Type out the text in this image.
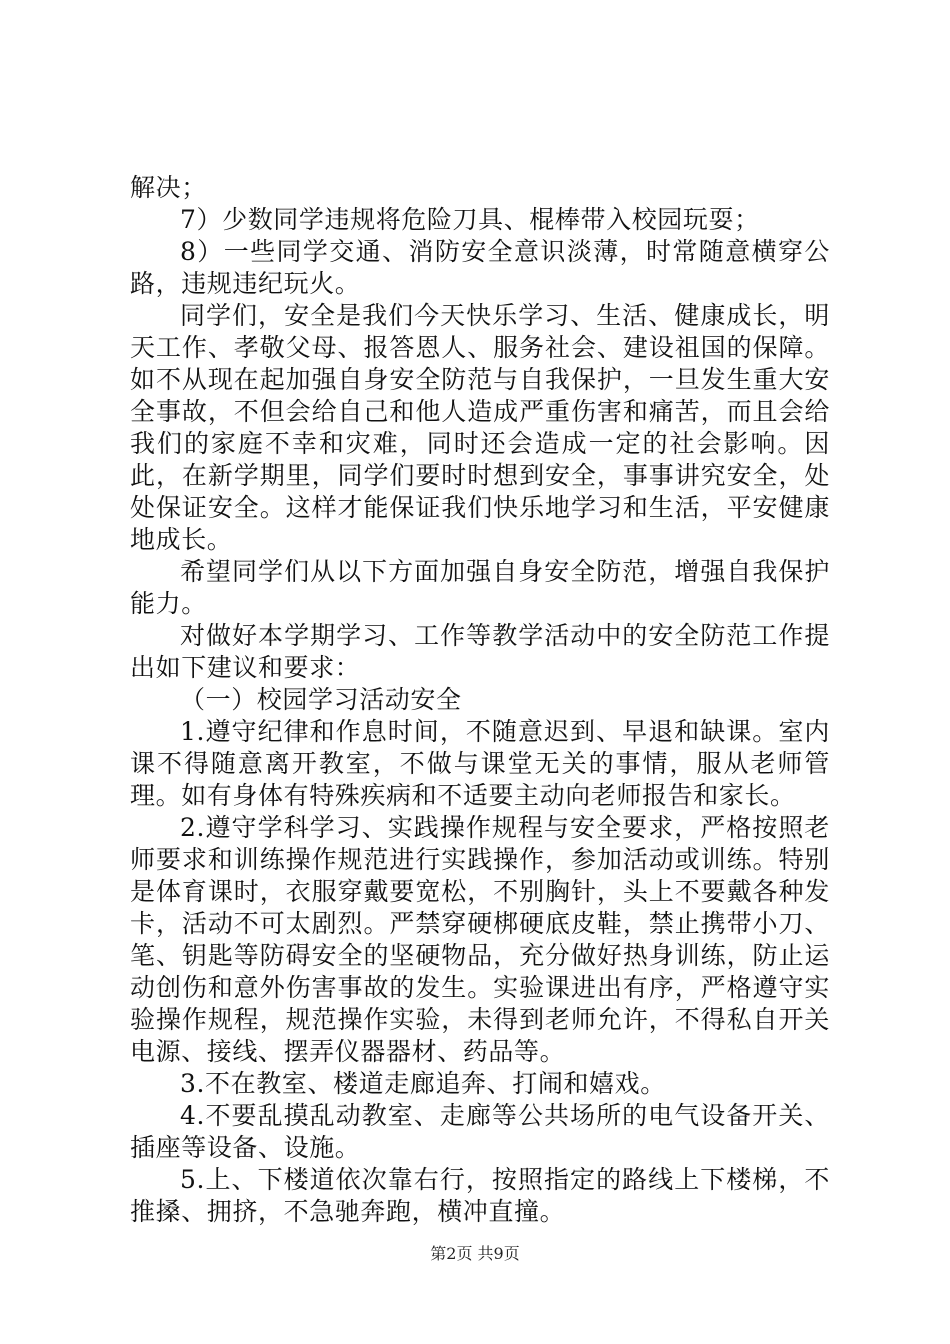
解决；

7）少数同学违规将危险刀具、棍棒带入校园玩耍；

8）一些同学交通、消防安全意识淡薄，时常随意横穿公路，违规违纪玩火。

同学们，安全是我们今天快乐学习、生活、健康成长，明天工作、孝敬父母、报答恩人、服务社会、建设祖国的保障。如不从现在起加强自身安全防范与自我保护，一旦发生重大安全事故，不但会给自己和他人造成严重伤害和痛苦，而且会给我们的家庭不幸和灾难，同时还会造成一定的社会影响。因此，在新学期里，同学们要时时想到安全，事事讲究安全，处处保证安全。这样才能保证我们快乐地学习和生活，平安健康地成长。

希望同学们从以下方面加强自身安全防范，增强自我保护能力。

对做好本学期学习、工作等教学活动中的安全防范工作提出如下建议和要求：

（一）校园学习活动安全

1.遵守纪律和作息时间，不随意迟到、早退和缺课。室内课不得随意离开教室，不做与课堂无关的事情，服从老师管理。如有身体有特殊疾病和不适要主动向老师报告和家长。

2.遵守学科学习、实践操作规程与安全要求，严格按照老师要求和训练操作规范进行实践操作，参加活动或训练。特别是体育课时，衣服穿戴要宽松，不别胸针，头上不要戴各种发卡，活动不可太剧烈。严禁穿硬梆硬底皮鞋，禁止携带小刀、笔、钥匙等防碍安全的坚硬物品，充分做好热身训练，防止运动创伤和意外伤害事故的发生。实验课进出有序，严格遵守实验操作规程，规范操作实验，未得到老师允许，不得私自开关电源、接线、摆弄仪器器材、药品等。

3.不在教室、楼道走廊追奔、打闹和嬉戏。

4.不要乱摸乱动教室、走廊等公共场所的电气设备开关、插座等设备、设施。

5.上、下楼道依次靠右行，按照指定的路线上下楼梯，不推搡、拥挤，不急驰奔跑，横冲直撞。

第2页 共9页
